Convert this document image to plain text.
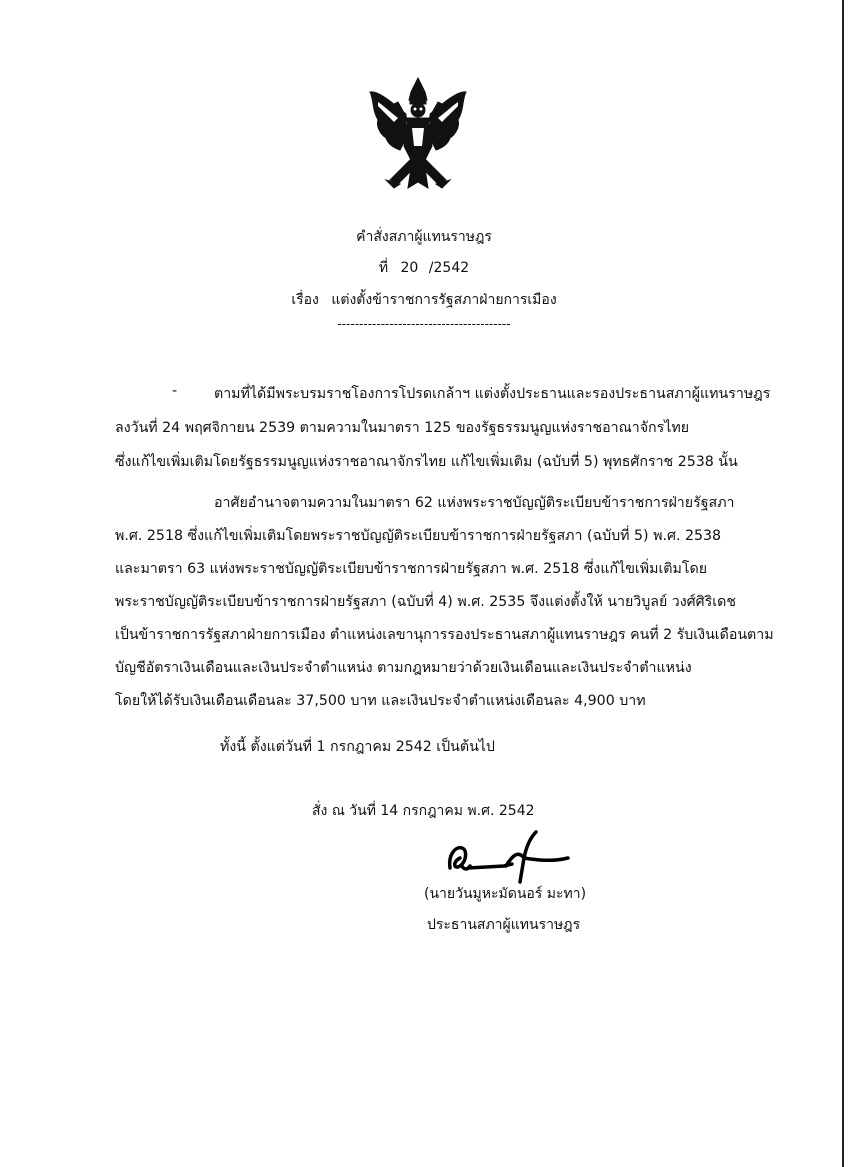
คำสั่งสภาผู้แทนราษฎร
ที่ 20 /2542
เรื่อง แต่งตั้งข้าราชการรัฐสภาฝ่ายการเมือง
----------------------------------------
-	ตามที่ได้มีพระบรมราชโองการโปรดเกล้าฯ แต่งตั้งประธานและรองประธานสภาผู้แทนราษฎร
ลงวันที่ 24 พฤศจิกายน 2539 ตามความในมาตรา 125 ของรัฐธรรมนูญแห่งราชอาณาจักรไทย
ซึ่งแก้ไขเพิ่มเติมโดยรัฐธรรมนูญแห่งราชอาณาจักรไทย แก้ไขเพิ่มเติม (ฉบับที่ 5) พุทธศักราช 2538 นั้น
อาศัยอำนาจตามความในมาตรา 62 แห่งพระราชบัญญัติระเบียบข้าราชการฝ่ายรัฐสภา
พ.ศ. 2518 ซึ่งแก้ไขเพิ่มเติมโดยพระราชบัญญัติระเบียบข้าราชการฝ่ายรัฐสภา (ฉบับที่ 5) พ.ศ. 2538
และมาตรา 63 แห่งพระราชบัญญัติระเบียบข้าราชการฝ่ายรัฐสภา พ.ศ. 2518 ซึ่งแก้ไขเพิ่มเติมโดย
พระราชบัญญัติระเบียบข้าราชการฝ่ายรัฐสภา (ฉบับที่ 4) พ.ศ. 2535 จึงแต่งตั้งให้ นายวิบูลย์ วงศ์ศิริเดช
เป็นข้าราชการรัฐสภาฝ่ายการเมือง ตำแหน่งเลขานุการรองประธานสภาผู้แทนราษฎร คนที่ 2 รับเงินเดือนตาม
บัญชีอัตราเงินเดือนและเงินประจำตำแหน่ง ตามกฎหมายว่าด้วยเงินเดือนและเงินประจำตำแหน่ง
โดยให้ได้รับเงินเดือนเดือนละ 37,500 บาท และเงินประจำตำแหน่งเดือนละ 4,900 บาท
ทั้งนี้ ตั้งแต่วันที่ 1 กรกฎาคม 2542 เป็นต้นไป
สั่ง ณ วันที่ 14 กรกฎาคม พ.ศ. 2542
(นายวันมูหะมัดนอร์ มะทา)
ประธานสภาผู้แทนราษฎร
